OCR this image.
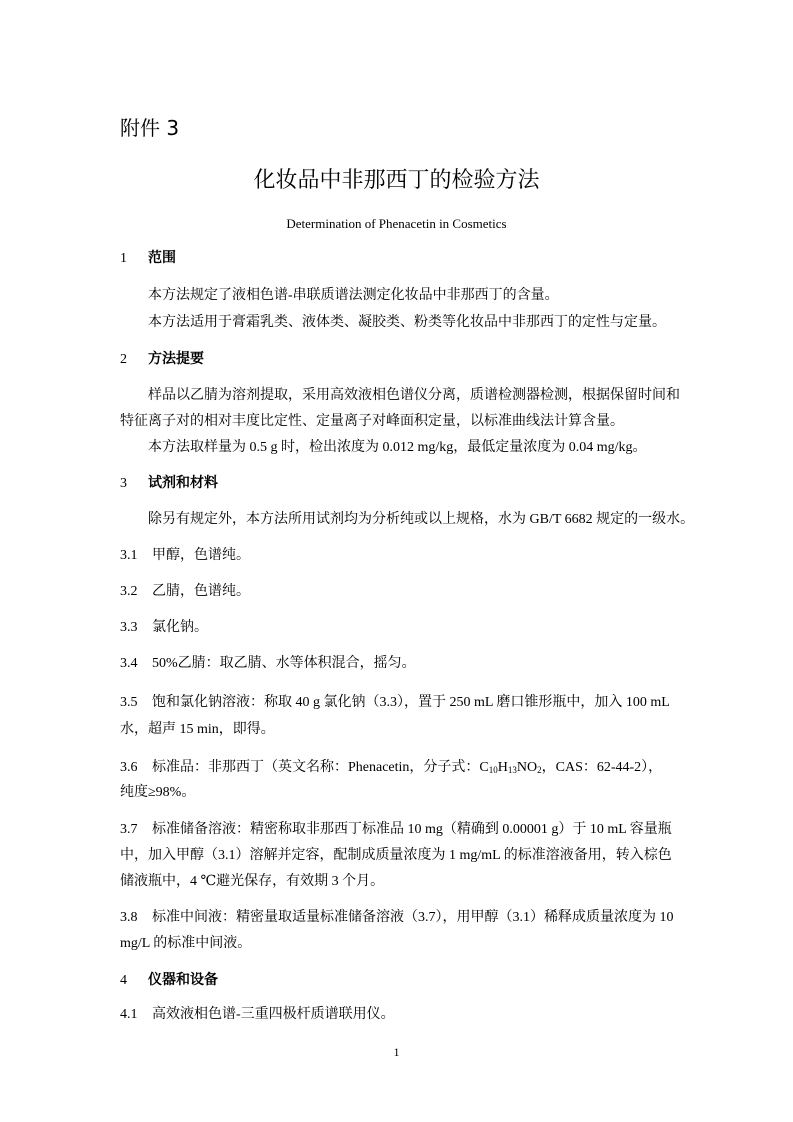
附件 3
化妆品中非那西丁的检验方法
Determination of Phenacetin in Cosmetics
1 范围
本方法规定了液相色谱-串联质谱法测定化妆品中非那西丁的含量。
本方法适用于膏霜乳类、液体类、凝胶类、粉类等化妆品中非那西丁的定性与定量。
2 方法提要
样品以乙腈为溶剂提取，采用高效液相色谱仪分离，质谱检测器检测，根据保留时间和
特征离子对的相对丰度比定性、定量离子对峰面积定量，以标准曲线法计算含量。
本方法取样量为 0.5 g 时，检出浓度为 0.012 mg/kg，最低定量浓度为 0.04 mg/kg。
3 试剂和材料
除另有规定外，本方法所用试剂均为分析纯或以上规格，水为 GB/T 6682 规定的一级水。
3.1 甲醇，色谱纯。
3.2 乙腈，色谱纯。
3.3 氯化钠。
3.4 50%乙腈：取乙腈、水等体积混合，摇匀。
3.5 饱和氯化钠溶液：称取 40 g 氯化钠（3.3），置于 250 mL 磨口锥形瓶中，加入 100 mL
水，超声 15 min，即得。
3.6 标准品：非那西丁（英文名称：Phenacetin，分子式：$C_{10}H_{13}NO_2$，CAS：62-44-2），
纯度≥98%。
3.7 标准储备溶液：精密称取非那西丁标准品 10 mg（精确到 0.00001 g）于 10 mL 容量瓶
中，加入甲醇（3.1）溶解并定容，配制成质量浓度为 1 mg/mL 的标准溶液备用，转入棕色
储液瓶中，4 ℃避光保存，有效期 3 个月。
3.8 标准中间液：精密量取适量标准储备溶液（3.7），用甲醇（3.1）稀释成质量浓度为 10
mg/L 的标准中间液。
4 仪器和设备
4.1 高效液相色谱-三重四极杆质谱联用仪。
1
